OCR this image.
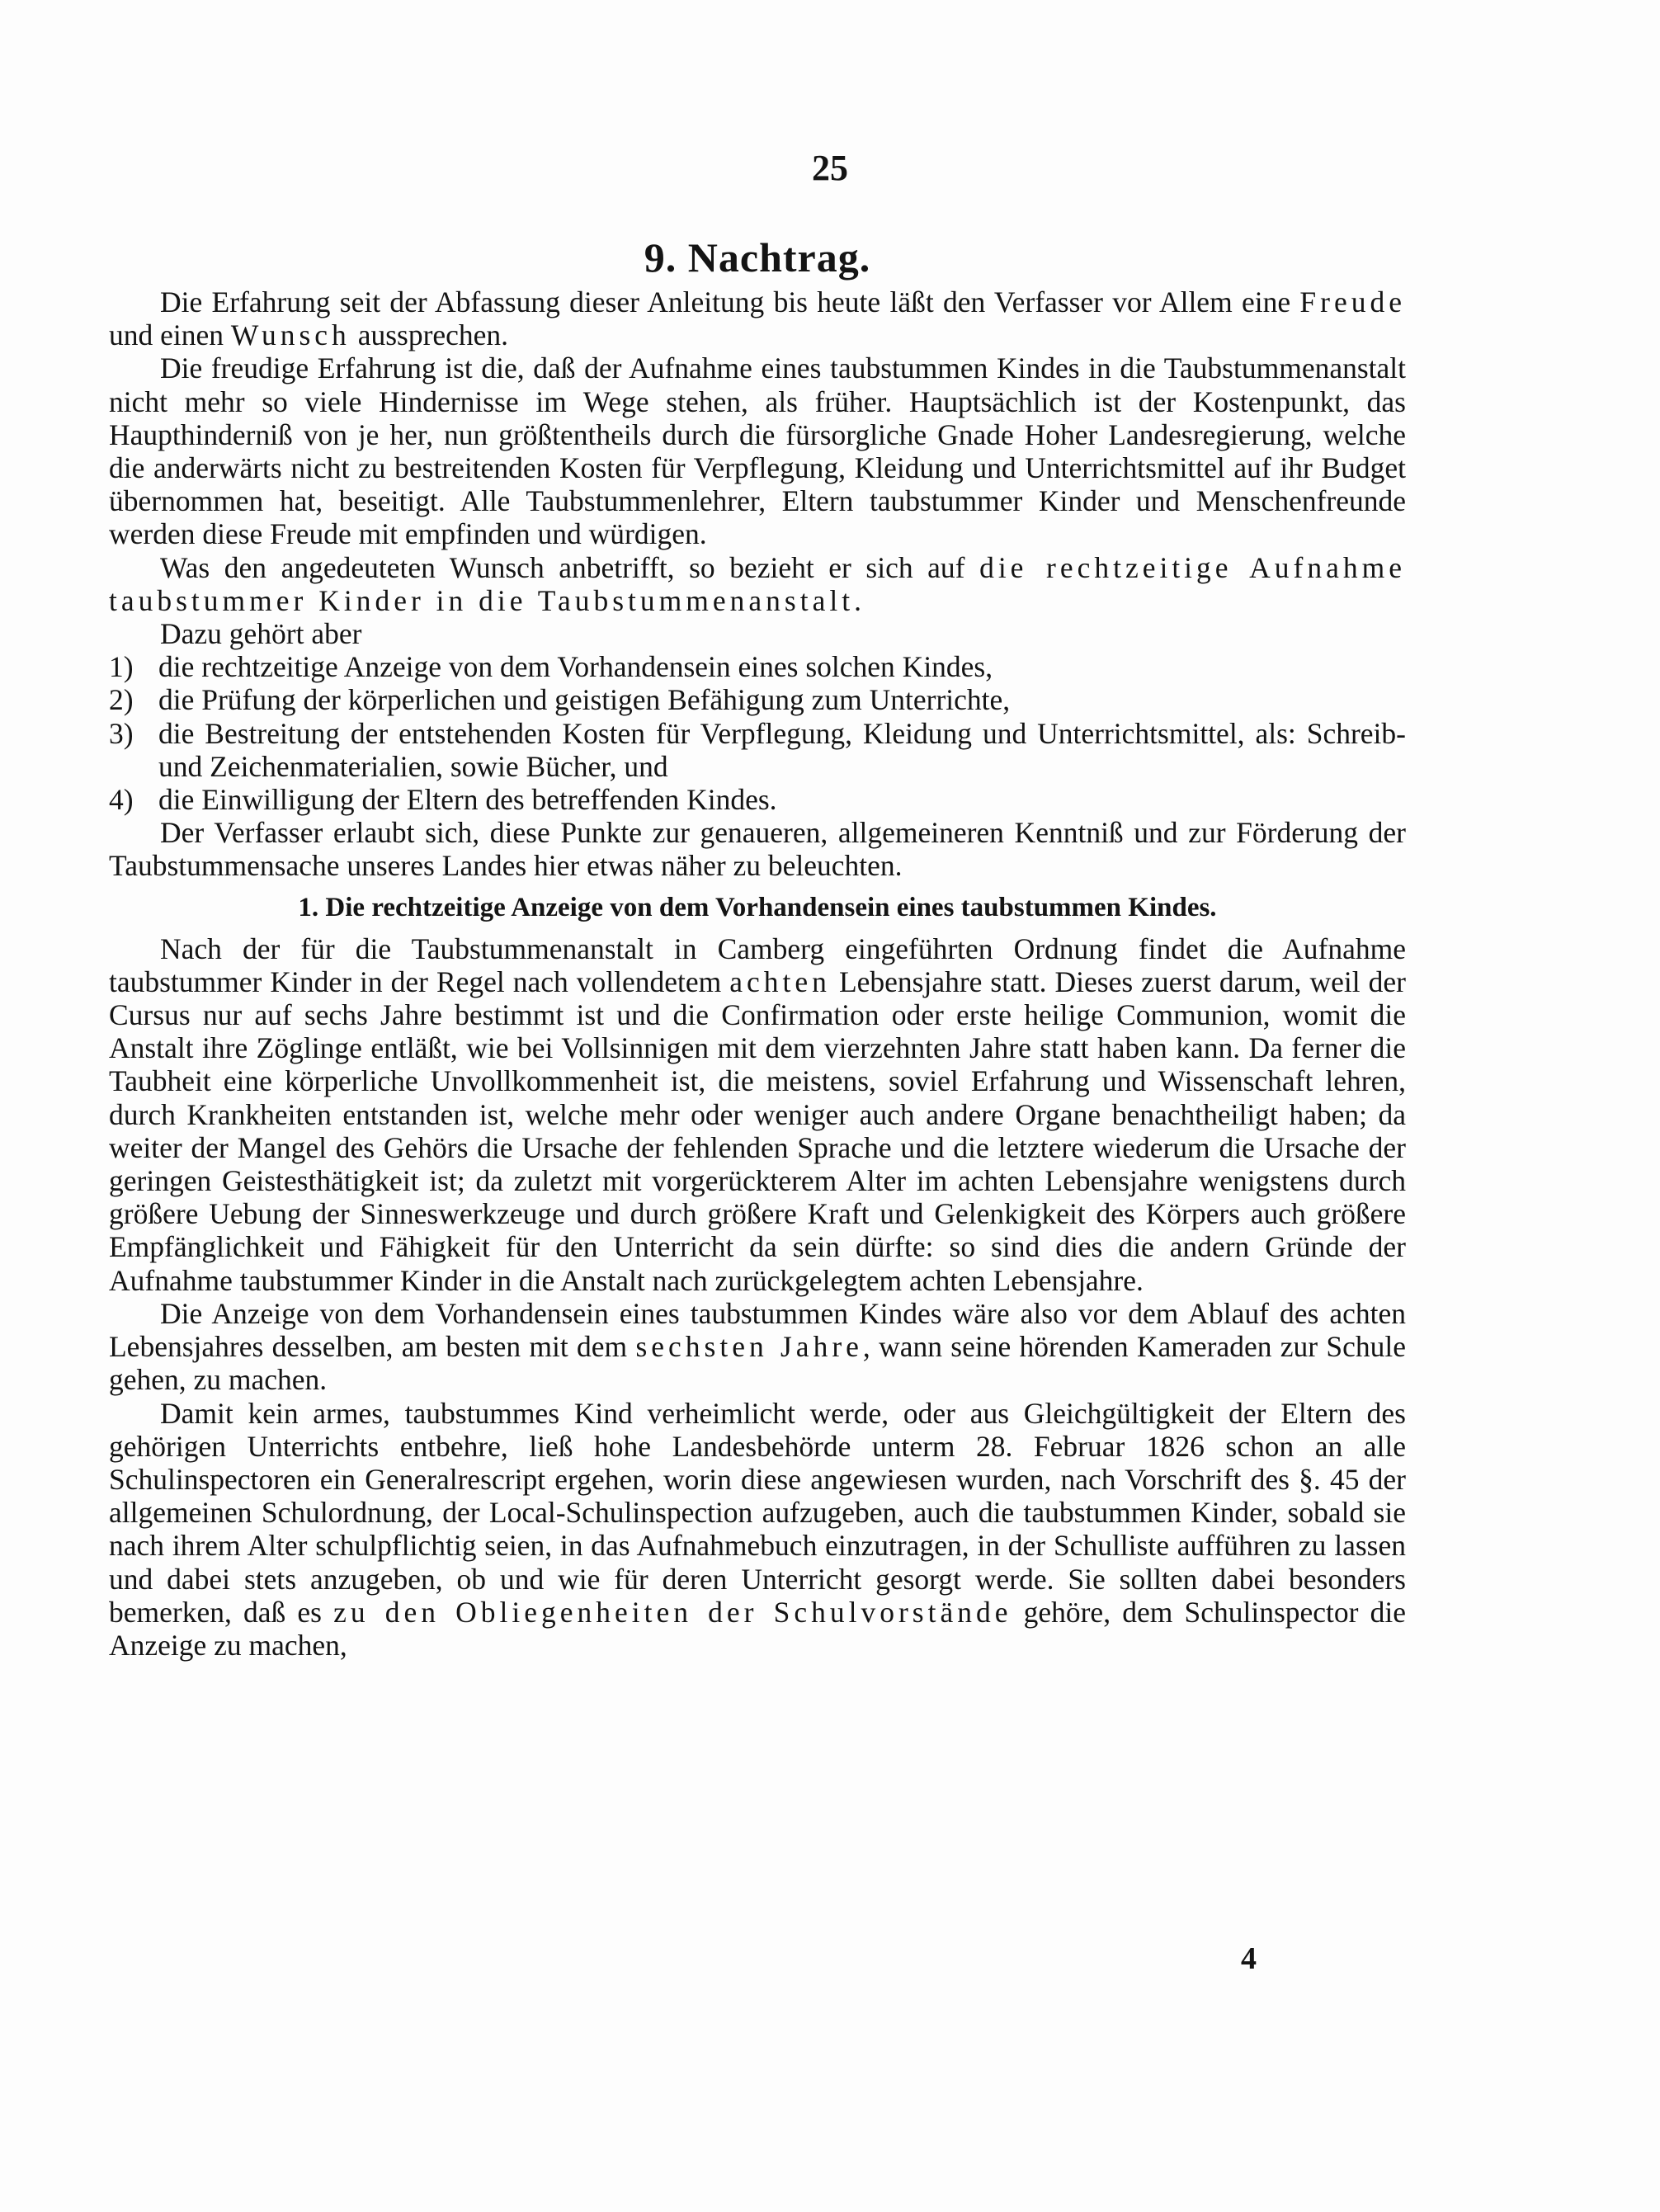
25
9. Nachtrag.

Die Erfahrung seit der Abfassung dieser Anleitung bis heute läßt den Verfasser vor Allem eine Freude und einen Wunsch aussprechen.

Die freudige Erfahrung ist die, daß der Aufnahme eines taubstummen Kindes in die Taubstummenanstalt nicht mehr so viele Hindernisse im Wege stehen, als früher. Hauptsächlich ist der Kostenpunkt, das Haupthinderniß von je her, nun größtentheils durch die fürsorgliche Gnade Hoher Landesregierung, welche die anderwärts nicht zu bestreitenden Kosten für Verpflegung, Kleidung und Unterrichtsmittel auf ihr Budget übernommen hat, beseitigt. Alle Taubstummenlehrer, Eltern taubstummer Kinder und Menschenfreunde werden diese Freude mit empfinden und würdigen.

Was den angedeuteten Wunsch anbetrifft, so bezieht er sich auf die rechtzeitige Aufnahme taubstummer Kinder in die Taubstummenanstalt.

Dazu gehört aber

1) die rechtzeitige Anzeige von dem Vorhandensein eines solchen Kindes,
2) die Prüfung der körperlichen und geistigen Befähigung zum Unterrichte,
3) die Bestreitung der entstehenden Kosten für Verpflegung, Kleidung und Unterrichtsmittel, als: Schreib- und Zeichenmaterialien, sowie Bücher, und
4) die Einwilligung der Eltern des betreffenden Kindes.

Der Verfasser erlaubt sich, diese Punkte zur genaueren, allgemeineren Kenntniß und zur Förderung der Taubstummensache unseres Landes hier etwas näher zu beleuchten.

1. Die rechtzeitige Anzeige von dem Vorhandensein eines taubstummen Kindes.

Nach der für die Taubstummenanstalt in Camberg eingeführten Ordnung findet die Aufnahme taubstummer Kinder in der Regel nach vollendetem achten Lebensjahre statt. Dieses zuerst darum, weil der Cursus nur auf sechs Jahre bestimmt ist und die Confirmation oder erste heilige Communion, womit die Anstalt ihre Zöglinge entläßt, wie bei Vollsinnigen mit dem vierzehnten Jahre statt haben kann. Da ferner die Taubheit eine körperliche Unvollkommenheit ist, die meistens, soviel Erfahrung und Wissenschaft lehren, durch Krankheiten entstanden ist, welche mehr oder weniger auch andere Organe benachtheiligt haben; da weiter der Mangel des Gehörs die Ursache der fehlenden Sprache und die letztere wiederum die Ursache der geringen Geistesthätigkeit ist; da zuletzt mit vorgerückterem Alter im achten Lebensjahre wenigstens durch größere Uebung der Sinneswerkzeuge und durch größere Kraft und Gelenkigkeit des Körpers auch größere Empfänglichkeit und Fähigkeit für den Unterricht da sein dürfte: so sind dies die andern Gründe der Aufnahme taubstummer Kinder in die Anstalt nach zurückgelegtem achten Lebensjahre.

Die Anzeige von dem Vorhandensein eines taubstummen Kindes wäre also vor dem Ablauf des achten Lebensjahres desselben, am besten mit dem sechsten Jahre, wann seine hörenden Kameraden zur Schule gehen, zu machen.

Damit kein armes, taubstummes Kind verheimlicht werde, oder aus Gleichgültigkeit der Eltern des gehörigen Unterrichts entbehre, ließ hohe Landesbehörde unterm 28. Februar 1826 schon an alle Schulinspectoren ein Generalrescript ergehen, worin diese angewiesen wurden, nach Vorschrift des §. 45 der allgemeinen Schulordnung, der Local-Schulinspection aufzugeben, auch die taubstummen Kinder, sobald sie nach ihrem Alter schulpflichtig seien, in das Aufnahmebuch einzutragen, in der Schulliste aufführen zu lassen und dabei stets anzugeben, ob und wie für deren Unterricht gesorgt werde. Sie sollten dabei besonders bemerken, daß es zu den Obliegenheiten der Schulvorstände gehöre, dem Schulinspector die Anzeige zu machen,

4
